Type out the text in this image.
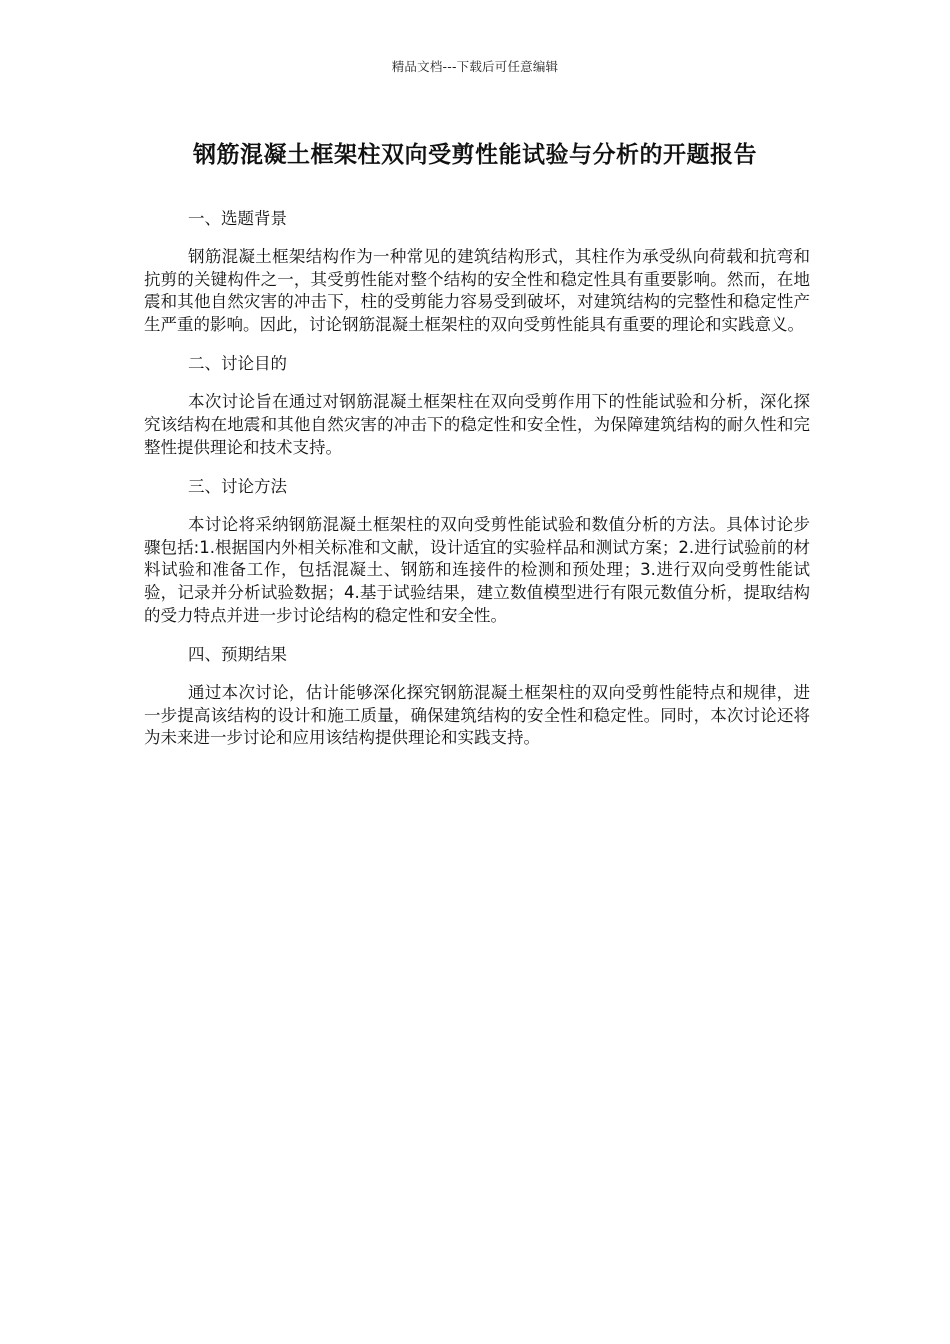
精品文档---下载后可任意编辑
钢筋混凝土框架柱双向受剪性能试验与分析的开题报告
一、选题背景
钢筋混凝土框架结构作为一种常见的建筑结构形式，其柱作为承受纵向荷载和抗弯和抗剪的关键构件之一，其受剪性能对整个结构的安全性和稳定性具有重要影响。然而，在地震和其他自然灾害的冲击下，柱的受剪能力容易受到破坏，对建筑结构的完整性和稳定性产生严重的影响。因此，讨论钢筋混凝土框架柱的双向受剪性能具有重要的理论和实践意义。
二、讨论目的
本次讨论旨在通过对钢筋混凝土框架柱在双向受剪作用下的性能试验和分析，深化探究该结构在地震和其他自然灾害的冲击下的稳定性和安全性，为保障建筑结构的耐久性和完整性提供理论和技术支持。
三、讨论方法
本讨论将采纳钢筋混凝土框架柱的双向受剪性能试验和数值分析的方法。具体讨论步骤包括:1.根据国内外相关标准和文献，设计适宜的实验样品和测试方案；2.进行试验前的材料试验和准备工作，包括混凝土、钢筋和连接件的检测和预处理；3.进行双向受剪性能试验，记录并分析试验数据；4.基于试验结果，建立数值模型进行有限元数值分析，提取结构的受力特点并进一步讨论结构的稳定性和安全性。
四、预期结果
通过本次讨论，估计能够深化探究钢筋混凝土框架柱的双向受剪性能特点和规律，进一步提高该结构的设计和施工质量，确保建筑结构的安全性和稳定性。同时，本次讨论还将为未来进一步讨论和应用该结构提供理论和实践支持。
